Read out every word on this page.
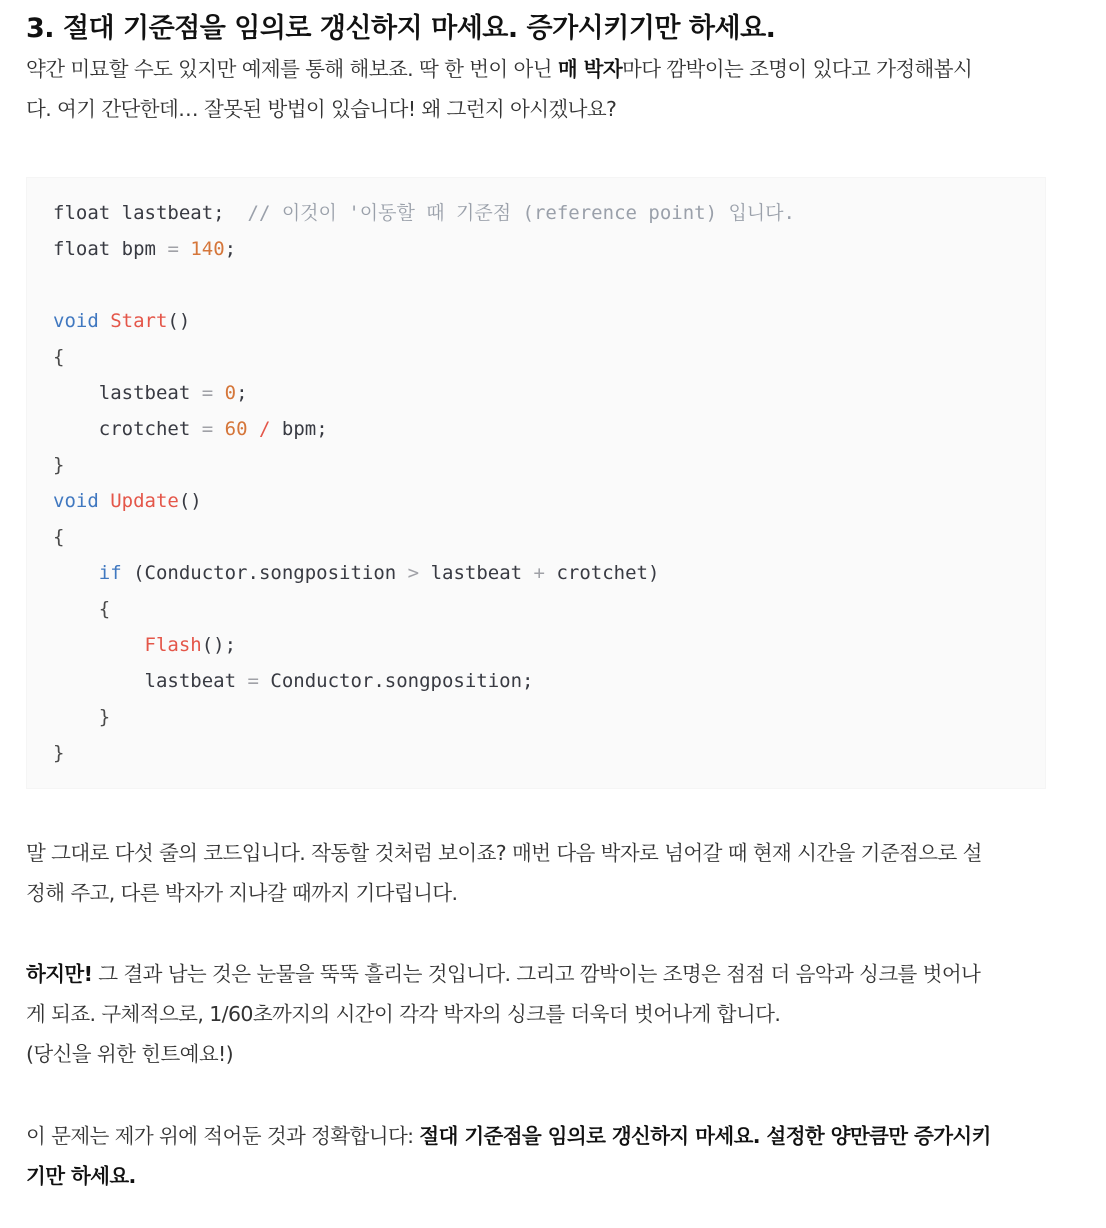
3. 절대 기준점을 임의로 갱신하지 마세요. 증가시키기만 하세요.
약간 미묘할 수도 있지만 예제를 통해 해보죠. 딱 한 번이 아닌 매 박자마다 깜박이는 조명이 있다고 가정해봅시
다. 여기 간단한데… 잘못된 방법이 있습니다! 왜 그런지 아시겠나요?
float lastbeat; // 이것이 '이동할 때 기준점 (reference point) 입니다.
float bpm = 140;

void Start()
{
lastbeat = 0;
crotchet = 60 / bpm;
}
void Update()
{
if (Conductor.songposition > lastbeat + crotchet)
{
Flash();
lastbeat = Conductor.songposition;
}
}
말 그대로 다섯 줄의 코드입니다. 작동할 것처럼 보이죠? 매번 다음 박자로 넘어갈 때 현재 시간을 기준점으로 설
정해 주고, 다른 박자가 지나갈 때까지 기다립니다.
하지만! 그 결과 남는 것은 눈물을 뚝뚝 흘리는 것입니다. 그리고 깜박이는 조명은 점점 더 음악과 싱크를 벗어나
게 되죠. 구체적으로, 1/60초까지의 시간이 각각 박자의 싱크를 더욱더 벗어나게 합니다.
(당신을 위한 힌트예요!)
이 문제는 제가 위에 적어둔 것과 정확합니다: 절대 기준점을 임의로 갱신하지 마세요. 설정한 양만큼만 증가시키
기만 하세요.
